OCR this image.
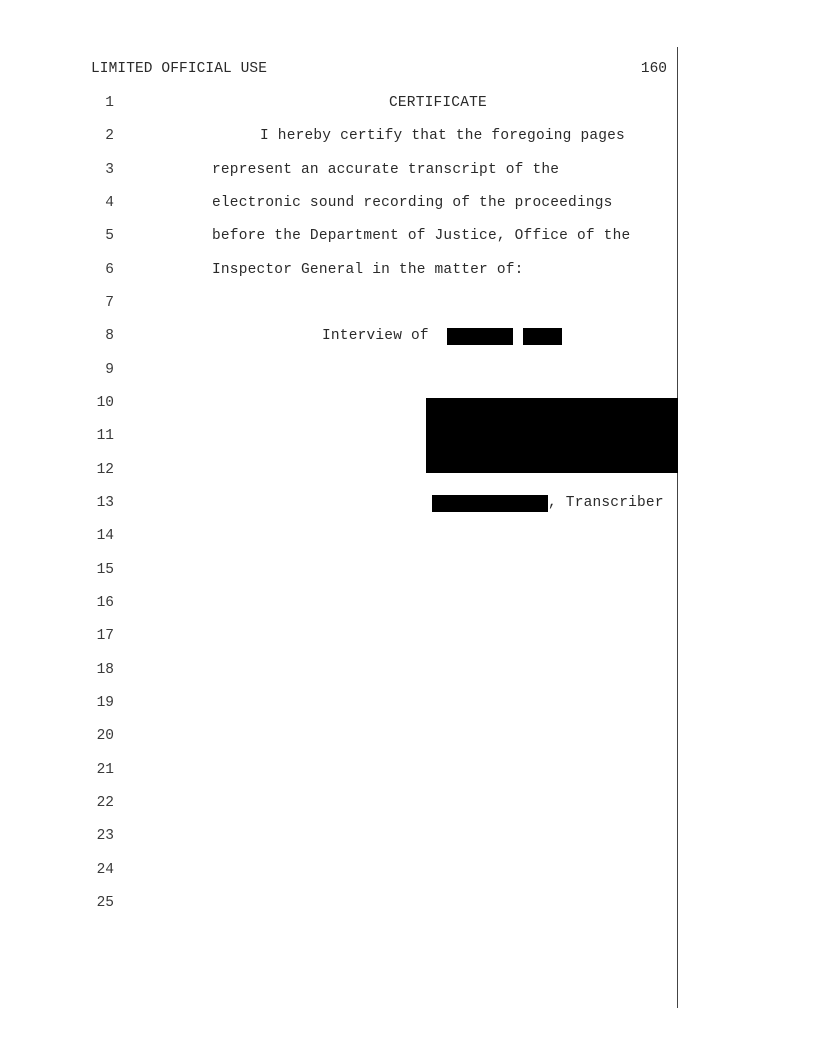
LIMITED OFFICIAL USE	160
1
2
3
4
5
6
7
8
9
10
11
12
13
14
15
16
17
18
19
20
21
22
23
24
25
CERTIFICATE
I hereby certify that the foregoing pages
represent an accurate transcript of the
electronic sound recording of the proceedings
before the Department of Justice, Office of the
Inspector General in the matter of:
Interview of
, Transcriber
